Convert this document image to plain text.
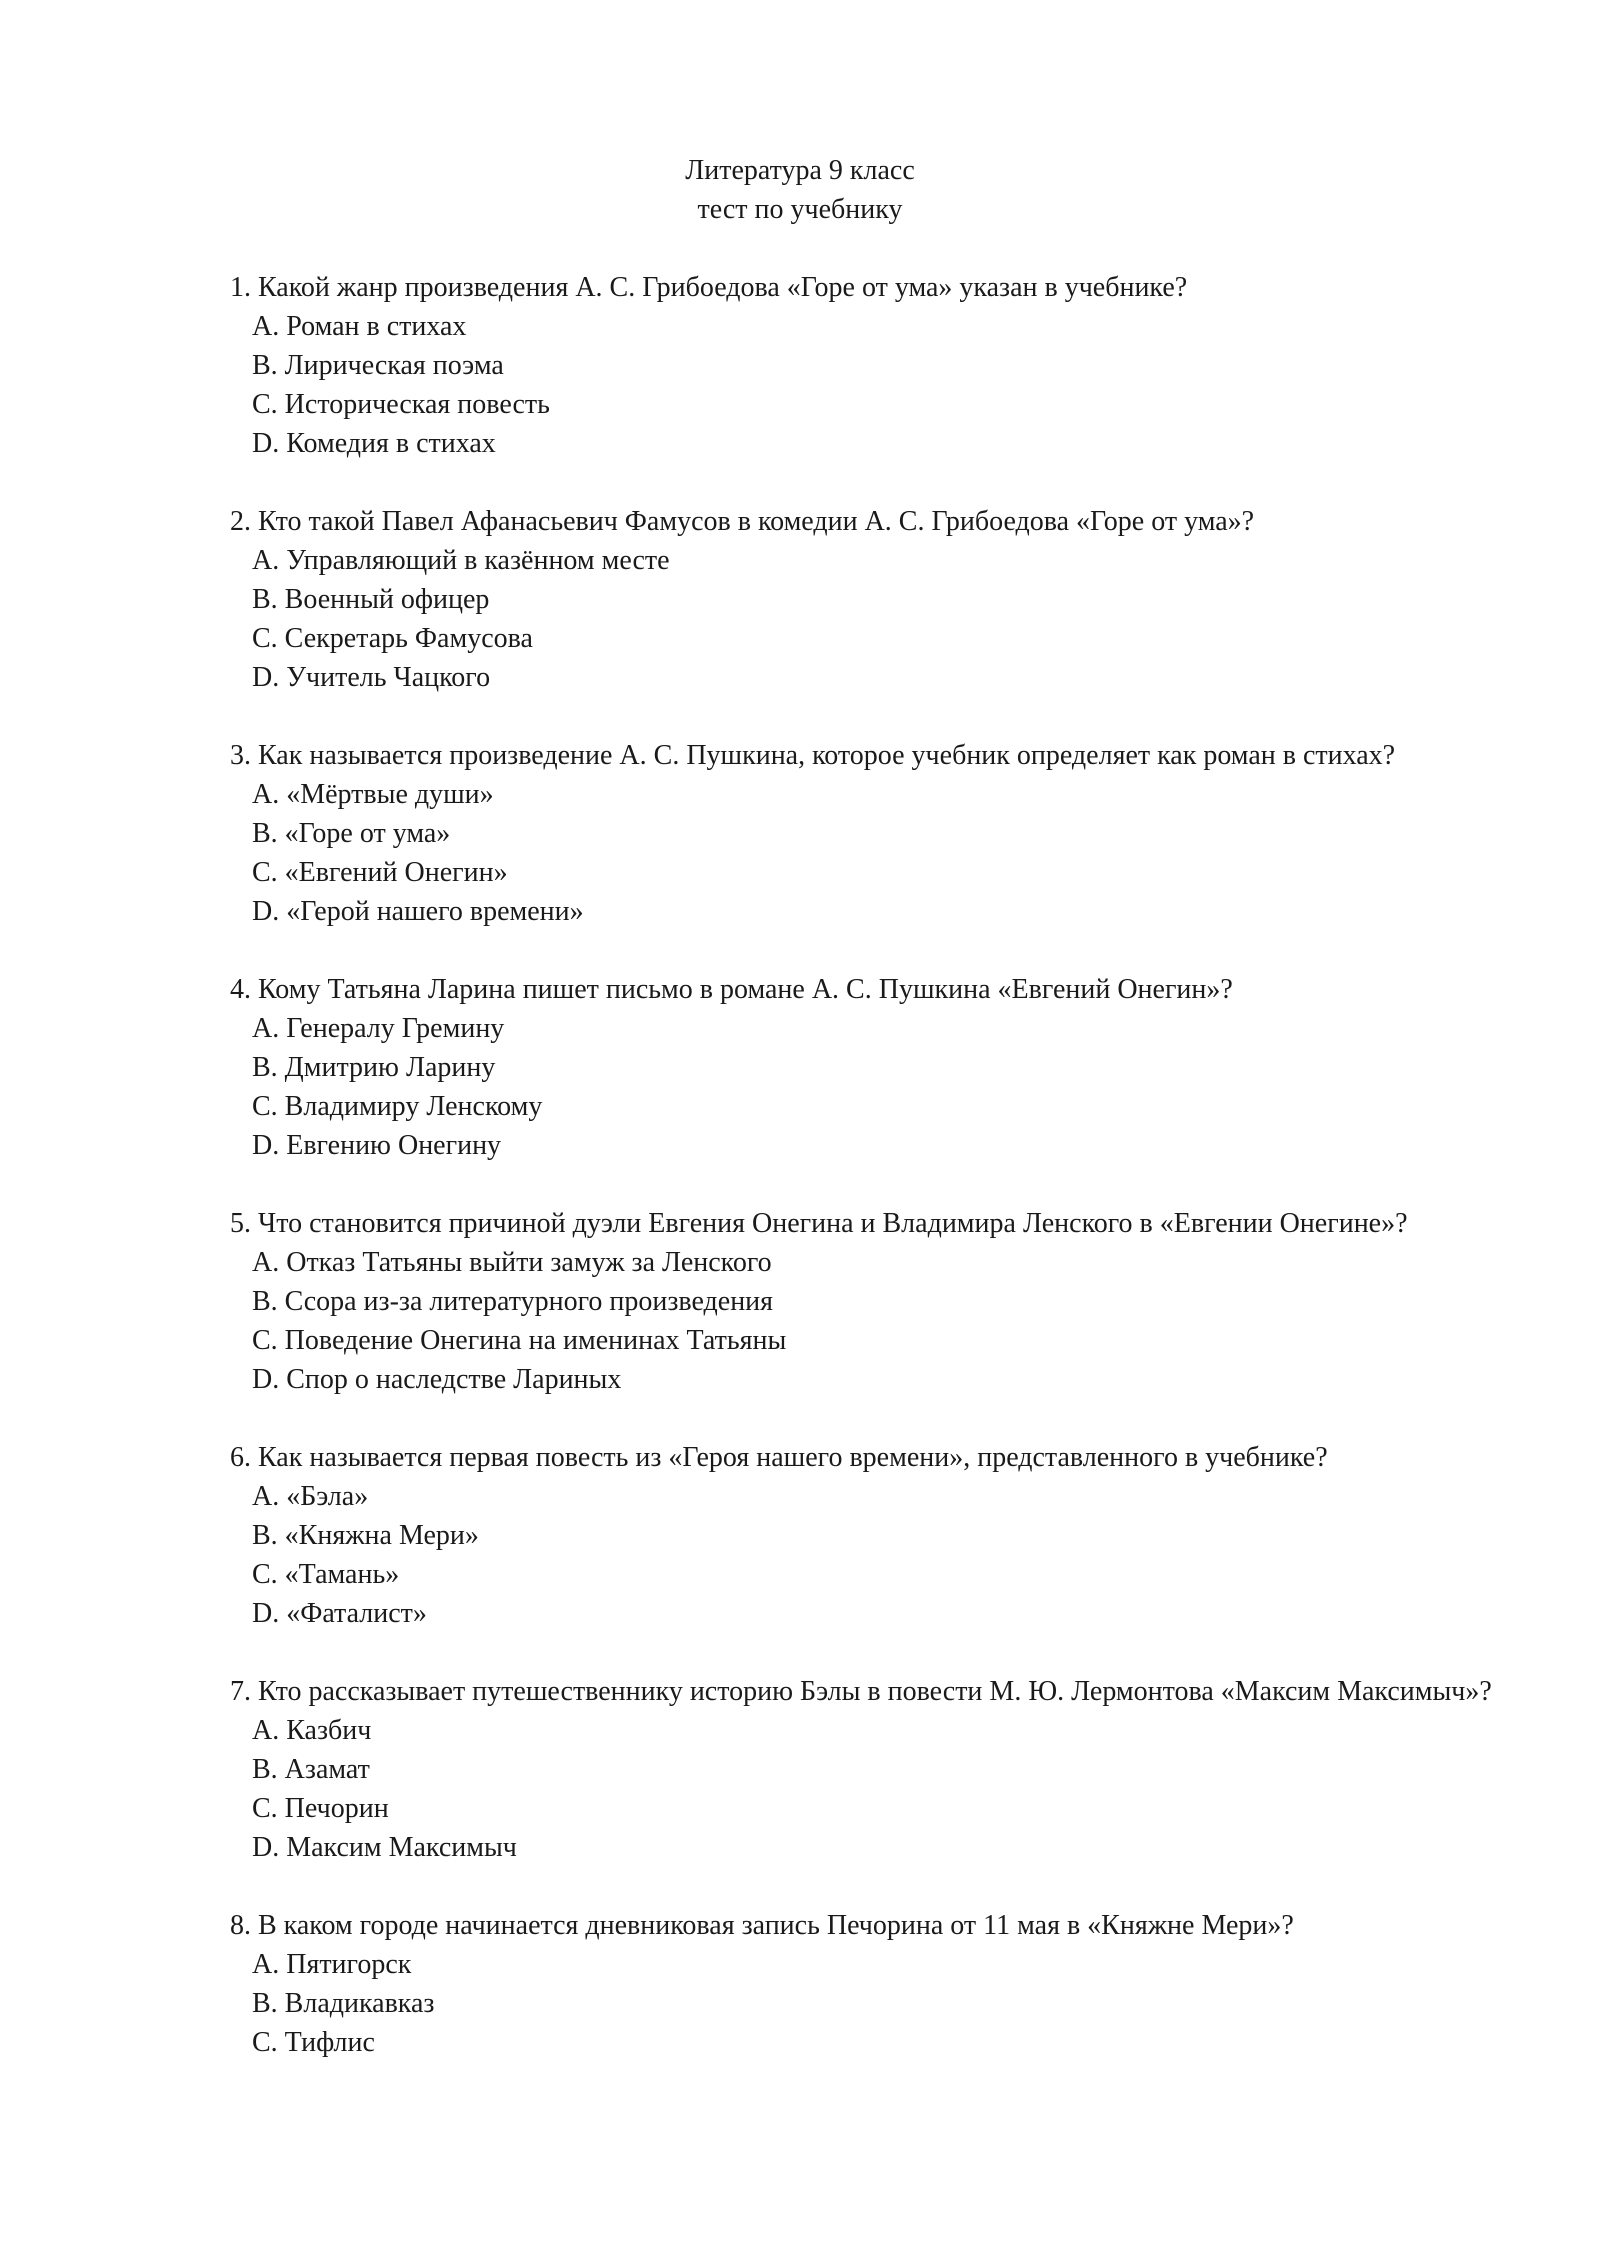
Литература 9 класс
тест по учебнику

1. Какой жанр произведения А. С. Грибоедова «Горе от ума» указан в учебнике?

A. Роман в стихах
B. Лирическая поэма
C. Историческая повесть
D. Комедия в стихах

2. Кто такой Павел Афанасьевич Фамусов в комедии А. С. Грибоедова «Горе от ума»?

A. Управляющий в казённом месте
B. Военный офицер
C. Секретарь Фамусова
D. Учитель Чацкого

3. Как называется произведение А. С. Пушкина, которое учебник определяет как роман в стихах?

A. «Мёртвые души»
B. «Горе от ума»
C. «Евгений Онегин»
D. «Герой нашего времени»

4. Кому Татьяна Ларина пишет письмо в романе А. С. Пушкина «Евгений Онегин»?

A. Генералу Гремину
B. Дмитрию Ларину
C. Владимиру Ленскому
D. Евгению Онегину

5. Что становится причиной дуэли Евгения Онегина и Владимира Ленского в «Евгении Онегине»?

A. Отказ Татьяны выйти замуж за Ленского
B. Ссора из-за литературного произведения
C. Поведение Онегина на именинах Татьяны
D. Спор о наследстве Лариных

6. Как называется первая повесть из «Героя нашего времени», представленного в учебнике?

A. «Бэла»
B. «Княжна Мери»
C. «Тамань»
D. «Фаталист»

7. Кто рассказывает путешественнику историю Бэлы в повести М. Ю. Лермонтова «Максим Максимыч»?

A. Казбич
B. Азамат
C. Печорин
D. Максим Максимыч

8. В каком городе начинается дневниковая запись Печорина от 11 мая в «Княжне Мери»?

A. Пятигорск
B. Владикавказ
C. Тифлис
